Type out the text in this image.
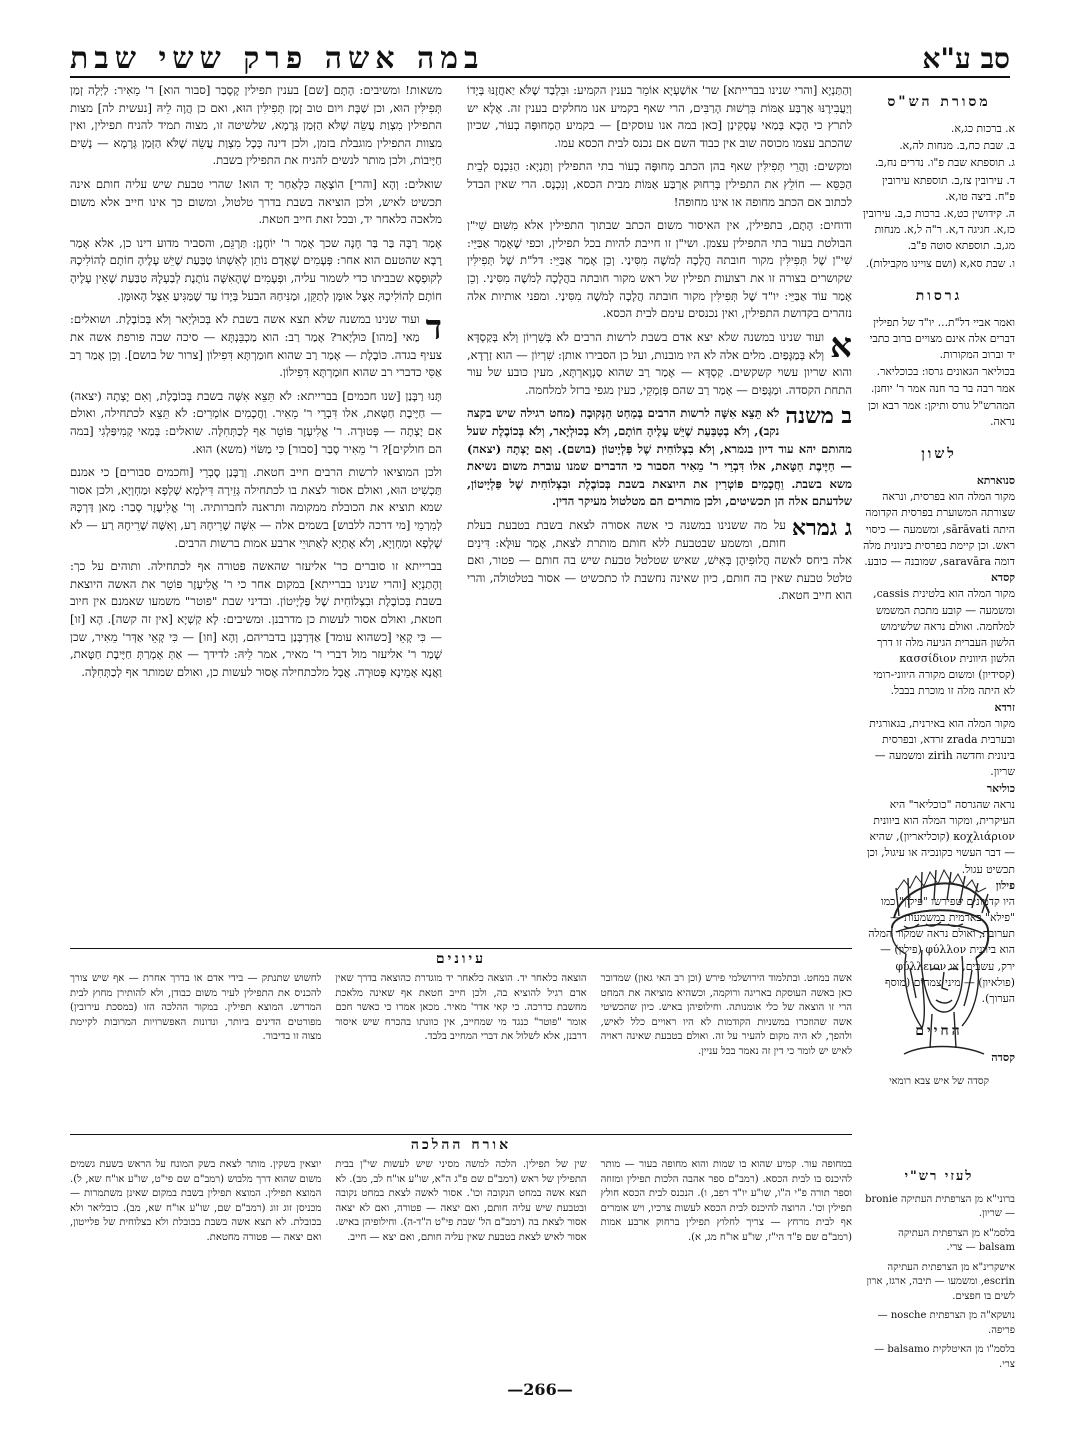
סב ע"א
במה אשה פרק ששי שבת
מסורת הש"ס
א. ברכות כג,א.
ב. שבת כח,ב. מנחות לה,א.
ג. תוספתא שבת פ"ו. נדרים נח,ב.
ד. עירובין צז,ב. תוספתא עירובין פ"ח. ביצה טו,א.
ה. קידושין כט,א. ברכות כ,ב. עירובין כז,א. חגיגה ד,א. ר"ה ל,א. מנחות מג,ב. תוספתא סוטה פ"ב.
ו. שבת סא,א (ושם צויינו מקבילות).
גרסות
ואמר אביי דל"ת... יו"ד של תפילין דברים אלה אינם מצויים ברוב כתבי יד וברוב המקורות.
בכוליאר הגאונים גרסו: בכוכליאר.
אמר רבה בר בר חנה אמר ר' יוחנן. המהרש"ל גורס ותיקן: אמר רבא וכן נראה.
לשון
סנוארתא
מקור המלה הוא בפרסית, ונראה שצורתה המשוערת בפרסית הקדומה היתה sārāvati, ומשמעה — כיסוי ראש. וכן קיימת בפרסית בינונית מלה דומה saravāra, שמובנה — כובע.
קסדא
מקור המלה הוא בלטינית cassis, ומשמעה — קובע מתכת המשמש למלחמה. ואולם נראה שלשימוש הלשון העברית הגיעה מלה זו דרך הלשון היוונית κασσίδιον (קסידיון) ומשום מקורה היווני-רומי לא היתה מלה זו מוכרת בבבל.
זרדא
מקור המלה הוא באירנית, בגאורגית ובערבית zrada זרדא, ובפרסית בינונית וחדשה zirih ומשמעה — שריון.
כוליאר
נראה שהגרסה "כוכליאר" היא העיקרית, ומקור המלה הוא ביוונית κοχλιάριον (קוכליאריון), שהיא — דבר העשוי כקונכיה או עיגול, וכן תכשיט עגול.
פילון
היו קדמונים שפירשו "פילון" כמו "פילא" בארמית במשמעות — תערובת, ואולם נראה שמקור המלה הוא ביוונית φύλλον (פילון) — ירק, עשבים, או φύλλειον (פולאיון) — מיני צמחים (מוסף הערוך).
החיים
קסדה
קסדה של איש צבא רומאי

וְהַתַּנְיָא [והרי שנינו בברייתא] שר' אוֹשַׁעְיָא אוֹמֵר בענין הקמיע: וּבִלְבַד שֶׁלֹּא יַאחֲזֶנּוּ בְּיָדוֹ וְיַעֲבִירֶנּוּ אַרְבַּע אַמּוֹת בִּרְשׁוּת הָרַבִּים, הרי שאף בקמיע אנו מחלקים בענין זה. אָלָא יש לתרץ כי הָכָא בְּמַאי עָסְקִינַן [כאן במה אנו עוסקים] — בקמיע הַמְחוּפֶּה בְעוֹר, שכיון שהכתב עצמו מכוסה שוב אין כבוד השם אם נכנס לבית הכסא עמו.

ומקשים: וַהֲרֵי תְּפִילִּין שאף בהן הכתב מְחוּפֶּה בְעוֹר בתי התפילין וְתַנְיָא: הַנִּכְנָס לְבֵית הַכִּסֵּא — חוֹלֵץ את התפילין בְּרִחוּק אַרְבַּע אַמּוֹת מבית הכסא, וְנִכְנָס. הרי שאין הבדל לכתוב אם הכתב מחופה או אינו מחופה!

ודוחים: הָתָם, בתפילין, אין האיסור משום הכתב שבתוך התפילין אלא מִשּׁוּם שִׁי"ן הבולטת בעור בתי התפילין עצמן. ושי"ן זו חייבת להיות בכל תפילין, וכפי שֶׁאָמַר אַבַּיֵּי: שִׁי"ן שֶׁל תְּפִילִּין מקור חובתה הֲלָכָה לְמֹשֶׁה מִסִּינַי. וְכֵן אָמַר אַבַּיֵּי: דל"ת שֶׁל תְּפִילִּין שקושרים בצורה זו את רצועות תפילין של ראש מקור חובתה בהֲלָכָה לְמֹשֶׁה מִסִּינַי. וְכֵן אָמַר עוֹד אַבַּיֵּי: יו"ד שֶׁל תְּפִילִּין מקור חובתה הֲלָכָה לְמֹשֶׁה מִסִּינַי. ומפני אותיות אלה נזהרים בקדושת התפילין, ואין נכנסים עימם לבית הכסא.

א
ועוד שנינו במשנה שלא יצא אדם בשבת לרשות הרבים לֹא בְּשִׁרְיוֹן וְלֹא בְּקַסְדָּא וְלֹא בְּמַגָּפַיִם. מלים אלה לא היו מובנות, ועל כן הסבירו אותן: שִׁרְיוֹן — הוא זַרְדָא, והוא שריון עשוי קשקשים. קַסְדָּא — אָמַר רַב שהוא סַנְוָארְתָּא, מעין כובע של עור התחת הקסדה. וּמַגָּפַיִם — אָמַר רַב שהם פְּזַמְקֵי, כעין מגפי ברזל למלחמה.

ב משנה
לֹא תֵּצֵא אִשָּׁה לרשות הרבים בְּמַחַט הַנְּקוּבָה (מחט רגילה שיש בקצה נקב), וְלֹא בְטַבַּעַת שֶׁיֵּשׁ עָלֶיהָ חוֹתָם, וְלֹא בְכוּלְיָאר, וְלֹא בְּכוֹבֶלֶת שעל מהותם יהא עוד דיון בגמרא, וְלֹא בִצְלוֹחִית שֶׁל פַּלְיָיטוֹן (בושם). וְאִם יָצְתָה (יצאה) — חַיֶּיבֶת חַטָּאת, אלו דִּבְרֵי ר' מֵאִיר הסבור כי הדברים שמנו עוברת משום נשיאת משא בשבת. וַחֲכָמִים פּוֹטְרִין את היוצאת בשבת בְּכוֹבֶלֶת וּבִצְלוֹחִית שֶׁל פַּלְיָיטוֹן, שלדעתם אלה הן תכשיטים, ולכן מותרים הם מטלטול מעיקר הדין.

ג גמרא
על מה ששנינו במשנה כי אשה אסורה לצאת בשבת בטבעת בעלת חותם, ומשמע שבטבעת ללא חותם מותרת לצאת, אָמַר עוּלָּא: דִּינִים אלה ביחס לאשה הֲלוּפִיהֶן בְּאִישׁ, שאיש שטלטל טבעת שיש בה חותם — פטור, ואם טלטל טבעת שאין בה חותם, כיון שאינה נחשבת לו כתכשיט — אסור בטלטולה, והרי הוא חייב חטאת.

משאות! ומשיבים: הָתָם [שם] בענין תפילין קָסָבַר [סבור הוא] ר' מֵאִיר: לַיְלָה זְמַן תְּפִילִּין הוּא, וכן שַׁבָּת ויום טוב זְמַן תְּפִילִּין הוּא, ואם כן הֲוָה לֵיהּ [נעשית לה] מצות התפילין מִצְוַת עֲשֵׂה שֶׁלֹּא הַזְּמַן גְּרָמָא, שלשיטה זו, מצוה תמיד להניח תפילין, ואין מצוות התפילין מוגבלת בזמן, ולכן דינה כְּכָל מִצְוַת עֲשֵׂה שֶׁלֹּא הַזְּמַן גְּרָמָא — נָשִׁים חַיָּיבוֹת, ולכן מותר לנשים להניח את התפילין בשבת.

שואלים: וְהָא [והרי] הוֹצָאָה כִּלְאַחַר יָד הוּא! שהרי טבעת שיש עליה חותם אינה תכשיט לאיש, ולכן הוציאה בשבת בדרך טלטול, ומשום כך אינו חייב אלא משום מלאכה כלאחר יד, ובכל זאת חייב חטאת.

אָמַר רַבָּה בַּר בַּר חָנָה שכך אָמַר ר' יוֹחָנָן: תַּרְגֵּם, והסביר מדוע דינו כן, אלא אָמַר רָבָא שהטעם הוא אחר: פְּעָמִים שֶׁאָדָם נוֹתֵן לְאִשְׁתּוֹ טַבַּעַת שֶׁיֵּשׁ עָלֶיהָ חוֹתָם לְהוֹלִיכָהּ לְקוּפְסָא שבביתו כדי לשמור עליה, וּפְעָמִים שֶׁהָאִשָּׁה נוֹתֶנֶת לְבַעְלָהּ טַבַּעַת שֶׁאֵין עָלֶיהָ חוֹתָם לְהוֹלִיכָהּ אֵצֶל אוּמָּן לְתַקֵּן, וּמַנִּיחַהּ הבעל בְּיָדוֹ עַד שֶׁמַּגִּיעַ אֵצֶל הָאוּמָּן.

ד
ועוד שנינו במשנה שלא תצא אשה בשבת לֹא בְּכוּלְיָאר וְלֹא בְּכוֹבֶלֶת. ושואלים: מַאי [מהו] כּוּלְיָאר? אָמַר רַב: הוא מַכְבֵּנְתָּא — סיכה שבה פורפת אשה את צעיף בגדה. כּוֹבֶלֶת — אָמַר רַב שהוא חוּמַרְתָּא דִּפִילוֹן [צרור של בושם]. וְכֵן אָמַר רַב אַסִּי כדברי רב שהוא חוּמַרְתָּא דִּפִילוֹן.

תָּנוּ רַבָּנַן [שנו חכמים] בברייתא: לֹא תֵּצֵא אִשָּׁה בשבת בְּכוֹבֶלֶת, וְאִם יָצְתָה (יצאה) — חַיֶּיבֶת חַטָּאת, אלו דִּבְרֵי ר' מֵאִיר. וַחֲכָמִים אוֹמְרִים: לֹא תֵּצֵא לכתחילה, ואולם אִם יָצְתָה — פְּטוּרָה. ר' אֱלִיעֶזֶר פּוֹטֵר אַף לְכַתְּחִלָּה. שואלים: בְּמַאי קָמִיפַּלְגִי [במה הם חולקים]? ר' מֵאִיר סָבַר [סבור] כִּי מַשּׂוֹי (משא) הוּא.

ולכן המוציאו לרשות הרבים חייב חטאת. וְרַבָּנַן סָבְרֵי [וחכמים סבורים] כי אמנם תַּכְשִׁיט הוּא, ואולם אסור לצאת בו לכתחילה גְּזֵירָה דִּילְמָא שָׁלְפָא וּמַחְוְיָא, ולכן אסור שמא תוציא את הכובלת ממקומה ותראנה לחברותיה. וְר' אֱלִיעֶזֶר סָבַר: מַאן דַּרְכָּהּ לְמִרְמֵי [מי דרכה ללבוש] בשמים אלה — אִשָּׁה שֶׁרֵיחָהּ רַע, וְאִשָּׁה שֶׁרֵיחָהּ רַע — לֹא שָׁלְפָא וּמַחְוְיָא, וְלֹא אָתְיָא לְאַתּוּיֵי ארבע אמות ברשות הרבים.

בברייתא זו סוברים כר' אליעזר שהאשה פטורה אף לכתחילה. ותוהים על כך: וְהָתַנְיָא [והרי שנינו בברייתא] במקום אחר כי ר' אֱלִיעֶזֶר פּוֹטֵר את האשה היוצאת בשבת בְּכוֹבֶלֶת וּבִצְלוֹחִית שֶׁל פַּלְיָיטוֹן. ובדיני שבת "פוטר" משמעו שאמנם אין חיוב חטאת, ואולם אסור לעשות כן מדרבנן. וּמשיבים: לָא קַשְׁיָא [אין זה קשה]. הָא [זו] — כִּי קָאֵי [כשהוא עומד] אַדְּרַבָּנַן בדבריהם, וְהָא [וזו] — כִּי קָאֵי אַדְּר' מֵאִיר, שכן שָׁמַר ר' אליעזר מול דברי ר' מאיר, אמר לֵיהּ: לדידך — אַתְּ אָמְרַתְּ חַיֶּיבֶת חַטָּאת, וַאֲנָא אָמֵינָא פְּטוּרָה. אֲבָל מלכתחילה אָסוּר לעשות כן, ואולם שמותר אף לְכַתְּחִלָּה.

עיונים
אשה במחט. ובתלמוד הירושלמי פירש (וכן רב האי גאון) שמדובר כאן באשה העוסקת באריגה ורוקמה, וכשהיא מוציאה את המחט הרי זו הוצאה של כלי אומנותה. וחילופיהן באיש. כיון שהכשיטי אשה שהוזכרו במשניות הקודמות לא היו ראויים כלל לאיש, ולהפך, לא היה מקום להעיר על זה. ואולם בטבעת שאינה ראויה לאיש יש לומר כי דין זה נאמר בכל עניין.
הוצאה כלאחר יד. הוצאה כלאחר יד מוגדרת כהוצאה בדרך שאין אדם רגיל להוציא בה, ולכן חייב חטאת אף שאינה מלאכת מחשבת כדרכה. כי קאי אדר' מאיר. מכאן אמרו כי כאשר חכם אומר "פוטר" כנגד מי שמחייב, אין כוונתו בהכרח שיש איסור דרבנן, אלא לשלול את דברי המחייב בלבד.
לחשוש שתנתק — בידי אדם או בדרך אחרת — אף שיש צורך להכניס את התפילין לעיר משום כבודן, ולא להותירן מחוץ לבית המדרש. המוצא תפילין. במקור ההלכה הזו (במסכת עירובין) מפורטים הדינים ביותר, ונדונות האפשרויות המרובות לקיימת מצוה זו בדיבור.
אורח ההלכה
במחופה עור. קמיע שהוא בו שמות והוא מחופה בעור — מותר להיכנס בו לבית הכסא. (רמב"ם ספר אהבה הלכות תפילין ומזוזה וספר תורה פ"י ה"ו, שו"ע יו"ד רפב, ו). הנכנס לבית הכסא חולץ תפילין וכו'. הרוצה להיכנס לבית הכסא לעשות צרכיו, ויש אומרים אף לבית מרחץ — צריך לחלוץ תפילין ברחוק ארבע אמות (רמב"ם שם פ"ד הי"ז, שו"ע או"ח מג, א).
שין של תפילין. הלכה למשה מסיני שיש לעשות שי"ן בבית התפילין של ראש (רמב"ם שם פ"ג ה"א, שו"ע או"ח לב, מב). לא תצא אשה במחט הנקובה וכו'. אסור לאשה לצאת במחט נקובה ובטבעת שיש עליה חותם, ואם יצאה — פטורה, ואם לא יצאה אסור לצאת בה (רמב"ם הל' שבת פי"ט ה"ד-ה). וחילופיהן באיש. אסור לאיש לצאת בטבעת שאין עליה חותם, ואם יצא — חייב.
יוצאין בשקין. מותר לצאת בשק המונח על הראש בשעת גשמים משום שהוא דרך מלבוש (רמב"ם שם פי"ט, שו"ע או"ח שא, ל). המוצא תפילין. המוצא תפילין בשבת במקום שאינן משתמרות — מכניסן זוג זוג (רמב"ם שם, שו"ע או"ח שא, מב). כובליאר ולא בכובלת. לא תצא אשה בשבת בכובלת ולא בצלוחית של פלייטון, ואם יצאה — פטורה מחטאת.
לעזי רש"י

ברוני"א מן הצרפתית העתיקה bronie — שריון.

בלסמ"א מן הצרפתית העתיקה balsam — צרי.

אישקרינ"א מן הצרפתית העתיקה escrin, ומשמעו — תיבה, ארגז, ארון לשים בו חפצים.

נושקא"ה מן הצרפתית nosche — פריפה.

בלסמ"ו מן האיטלקית balsamo — צרי.

—266—
